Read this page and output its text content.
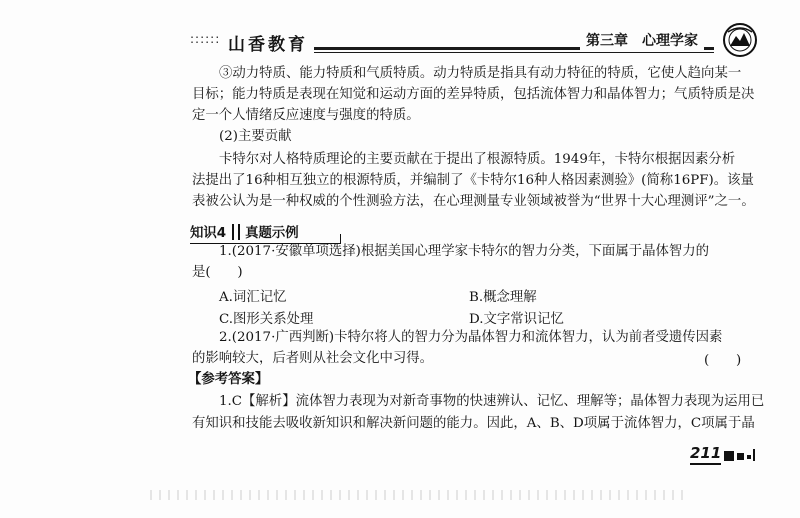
:::::: 山香教育	第三章　心理学家
③动力特质、能力特质和气质特质。动力特质是指具有动力特征的特质，它使人趋向某一
目标；能力特质是表现在知觉和运动方面的差异特质，包括流体智力和晶体智力；气质特质是决
定一个人情绪反应速度与强度的特质。
(2)主要贡献
卡特尔对人格特质理论的主要贡献在于提出了根源特质。1949年，卡特尔根据因素分析
法提出了16种相互独立的根源特质，并编制了《卡特尔16种人格因素测验》(简称16PF)。该量
表被公认为是一种权威的个性测验方法，在心理测量专业领域被誉为“世界十大心理测评”之一。
知识4 真题示例
1.(2017·安徽单项选择)根据美国心理学家卡特尔的智力分类，下面属于晶体智力的
是(　　)
A.词汇记忆	B.概念理解
C.图形关系处理	D.文字常识记忆
2.(2017·广西判断)卡特尔将人的智力分为晶体智力和流体智力，认为前者受遗传因素
的影响较大，后者则从社会文化中习得。	(　　)
【参考答案】
1.C【解析】流体智力表现为对新奇事物的快速辨认、记忆、理解等；晶体智力表现为运用已
有知识和技能去吸收新知识和解决新问题的能力。因此，A、B、D项属于流体智力，C项属于晶
211
